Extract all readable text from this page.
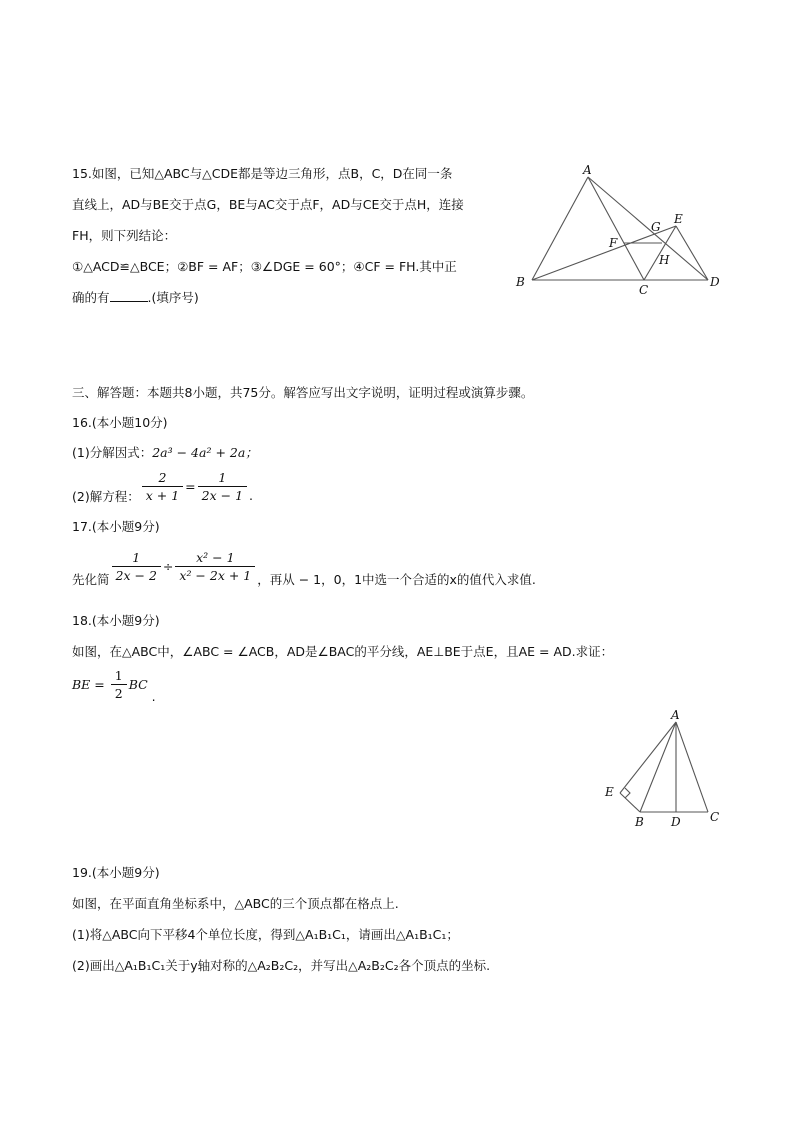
15.如图，已知△ABC与△CDE都是等边三角形，点B，C，D在同一条
直线上，AD与BE交于点G，BE与AC交于点F，AD与CE交于点H，连接
FH，则下列结论：
①△ACD≌△BCE；②BF = AF；③∠DGE = 60°；④CF = FH.其中正
确的有	.(填序号)
A
B
C
D
E
F
G
H
三、解答题：本题共8小题，共75分。解答应写出文字说明，证明过程或演算步骤。
16.(本小题10分)
(1)分解因式：2a³ − 4a² + 2a；
(2)解方程： $\frac{2}{x + 1} = \frac{1}{2x - 1}$ .
17.(本小题9分)
先化简 $\frac{1}{2x - 2} \div \frac{\text{x² − 1}}{\text{x² − 2x + 1}}$ ，再从 − 1，0，1中选一个合适的x的值代入求值.
18.(本小题9分)
如图，在△ABC中，∠ABC = ∠ACB，AD是∠BAC的平分线，AE⊥BE于点E，且AE = AD.求证：
BE = $\frac{1}{2}$ BC.
A
E
B D C
19.(本小题9分)
如图，在平面直角坐标系中，△ABC的三个顶点都在格点上.
(1)将△ABC向下平移4个单位长度，得到△A₁B₁C₁，请画出△A₁B₁C₁；
(2)画出△A₁B₁C₁关于y轴对称的△A₂B₂C₂，并写出△A₂B₂C₂各个顶点的坐标.
